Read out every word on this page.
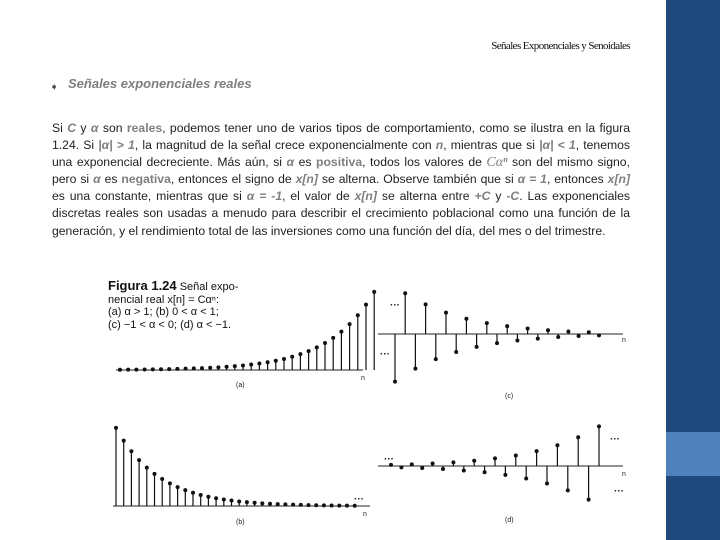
Señales Exponenciales y Senoidales
➧ Señales exponenciales reales
Si C y α son reales, podemos tener uno de varios tipos de comportamiento, como se ilustra en la figura 1.24. Si |α| > 1, la magnitud de la señal crece exponencialmente con n, mientras que si |α| < 1, tenemos una exponencial decreciente. Más aún, si α es positiva, todos los valores de Cαⁿ son del mismo signo, pero si α es negativa, entonces el signo de x[n] se alterna. Observe también que si α = 1, entonces x[n] es una constante, mientras que si α = -1, el valor de x[n] se alterna entre +C y -C. Las exponenciales discretas reales son usadas a menudo para describir el crecimiento poblacional como una función de la generación, y el rendimiento total de las inversiones como una función del día, del mes o del trimestre.
Figura 1.24 Señal expo-
nencial real x[n] = Cαⁿ:
(a) α > 1; (b) 0 < α < 1;
(c) −1 < α < 0; (d) α < −1.
(a)
n
(b)
n
···
(c)
n
···
···
(d)
n
···
···
···
